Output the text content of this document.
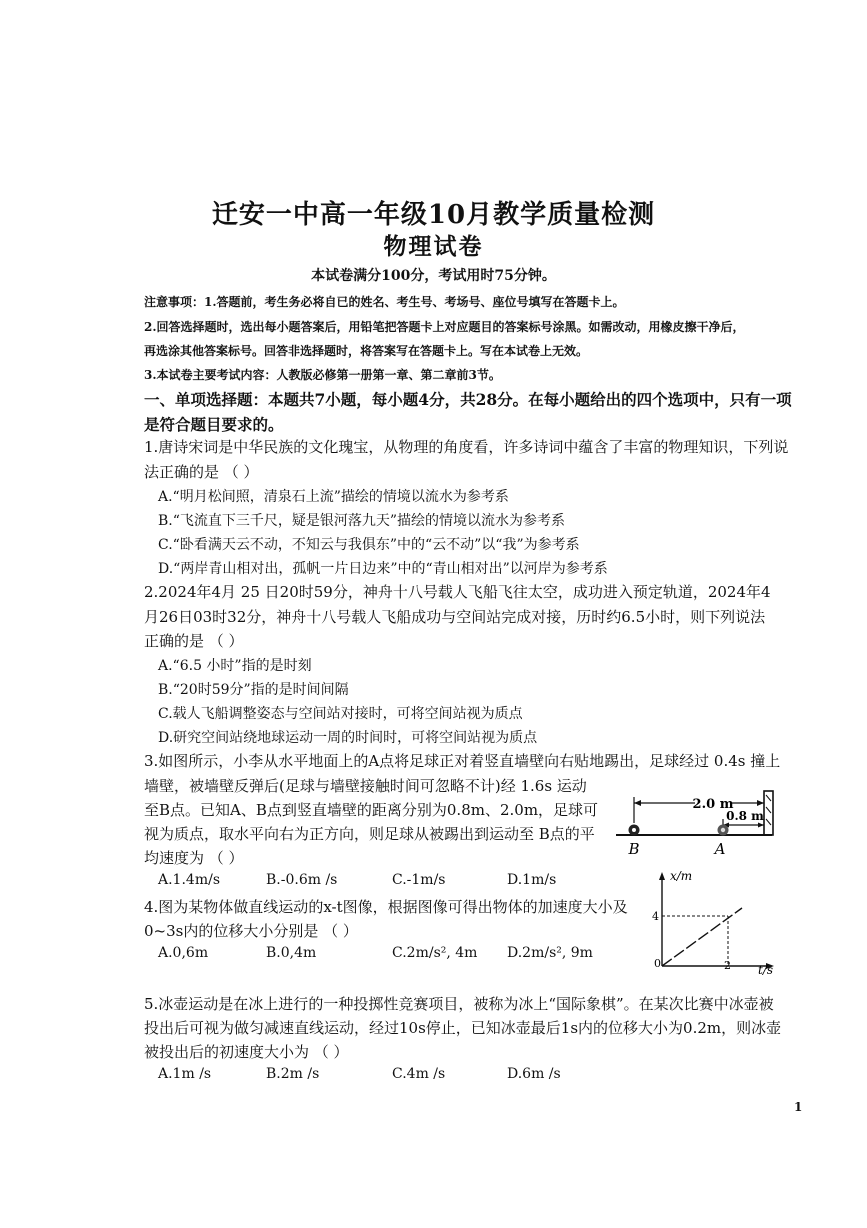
迁安一中高一年级10月教学质量检测
物理试卷
本试卷满分100分，考试用时75分钟。
注意事项：1.答题前，考生务必将自已的姓名、考生号、考场号、座位号填写在答题卡上。
2.回答选择题时，选出每小题答案后，用铅笔把答题卡上对应题目的答案标号涂黑。如需改动，用橡皮擦干净后，
再选涂其他答案标号。回答非选择题时，将答案写在答题卡上。写在本试卷上无效。
3.本试卷主要考试内容：人教版必修第一册第一章、第二章前3节。
一、单项选择题：本题共7小题，每小题4分，共28分。在每小题给出的四个选项中，只有一项
是符合题目要求的。
1.唐诗宋词是中华民族的文化瑰宝，从物理的角度看，许多诗词中蕴含了丰富的物理知识，下列说
法正确的是 （ ）
A.“明月松间照，清泉石上流”描绘的情境以流水为参考系
B.“飞流直下三千尺，疑是银河落九天”描绘的情境以流水为参考系
C.“卧看满天云不动，不知云与我俱东”中的“云不动”以“我”为参考系
D.“两岸青山相对出，孤帆一片日边来”中的“青山相对出”以河岸为参考系
2.2024年4月 25 日20时59分，神舟十八号载人飞船飞往太空，成功进入预定轨道，2024年4
月26日03时32分，神舟十八号载人飞船成功与空间站完成对接，历时约6.5小时，则下列说法
正确的是 （ ）
A.“6.5 小时”指的是时刻
B.“20时59分”指的是时间间隔
C.载人飞船调整姿态与空间站对接时，可将空间站视为质点
D.研究空间站绕地球运动一周的时间时，可将空间站视为质点
3.如图所示，小李从水平地面上的A点将足球正对着竖直墙壁向右贴地踢出，足球经过 0.4s 撞上
墙壁，被墙壁反弹后(足球与墙壁接触时间可忽略不计)经 1.6s 运动
至B点。已知A、B点到竖直墙壁的距离分别为0.8m、2.0m，足球可
视为质点，取水平向右为正方向，则足球从被踢出到运动至 B点的平
均速度为 （ ）
A.1.4m/s	B.-0.6m /s	C.-1m/s	D.1m/s
2.0 m
0.8 m
B	A
4.图为某物体做直线运动的x-t图像，根据图像可得出物体的加速度大小及
0~3s内的位移大小分别是 （ ）
A.0,6m	B.0,4m	C.2m/s², 4m D.2m/s², 9m
x/m
t/s
0
4
2
5.冰壶运动是在冰上进行的一种投掷性竞赛项目，被称为冰上“国际象棋”。在某次比赛中冰壶被
投出后可视为做匀减速直线运动，经过10s停止，已知冰壶最后1s内的位移大小为0.2m，则冰壶
被投出后的初速度大小为 （ ）
A.1m /s	B.2m /s	C.4m /s	D.6m /s
1
